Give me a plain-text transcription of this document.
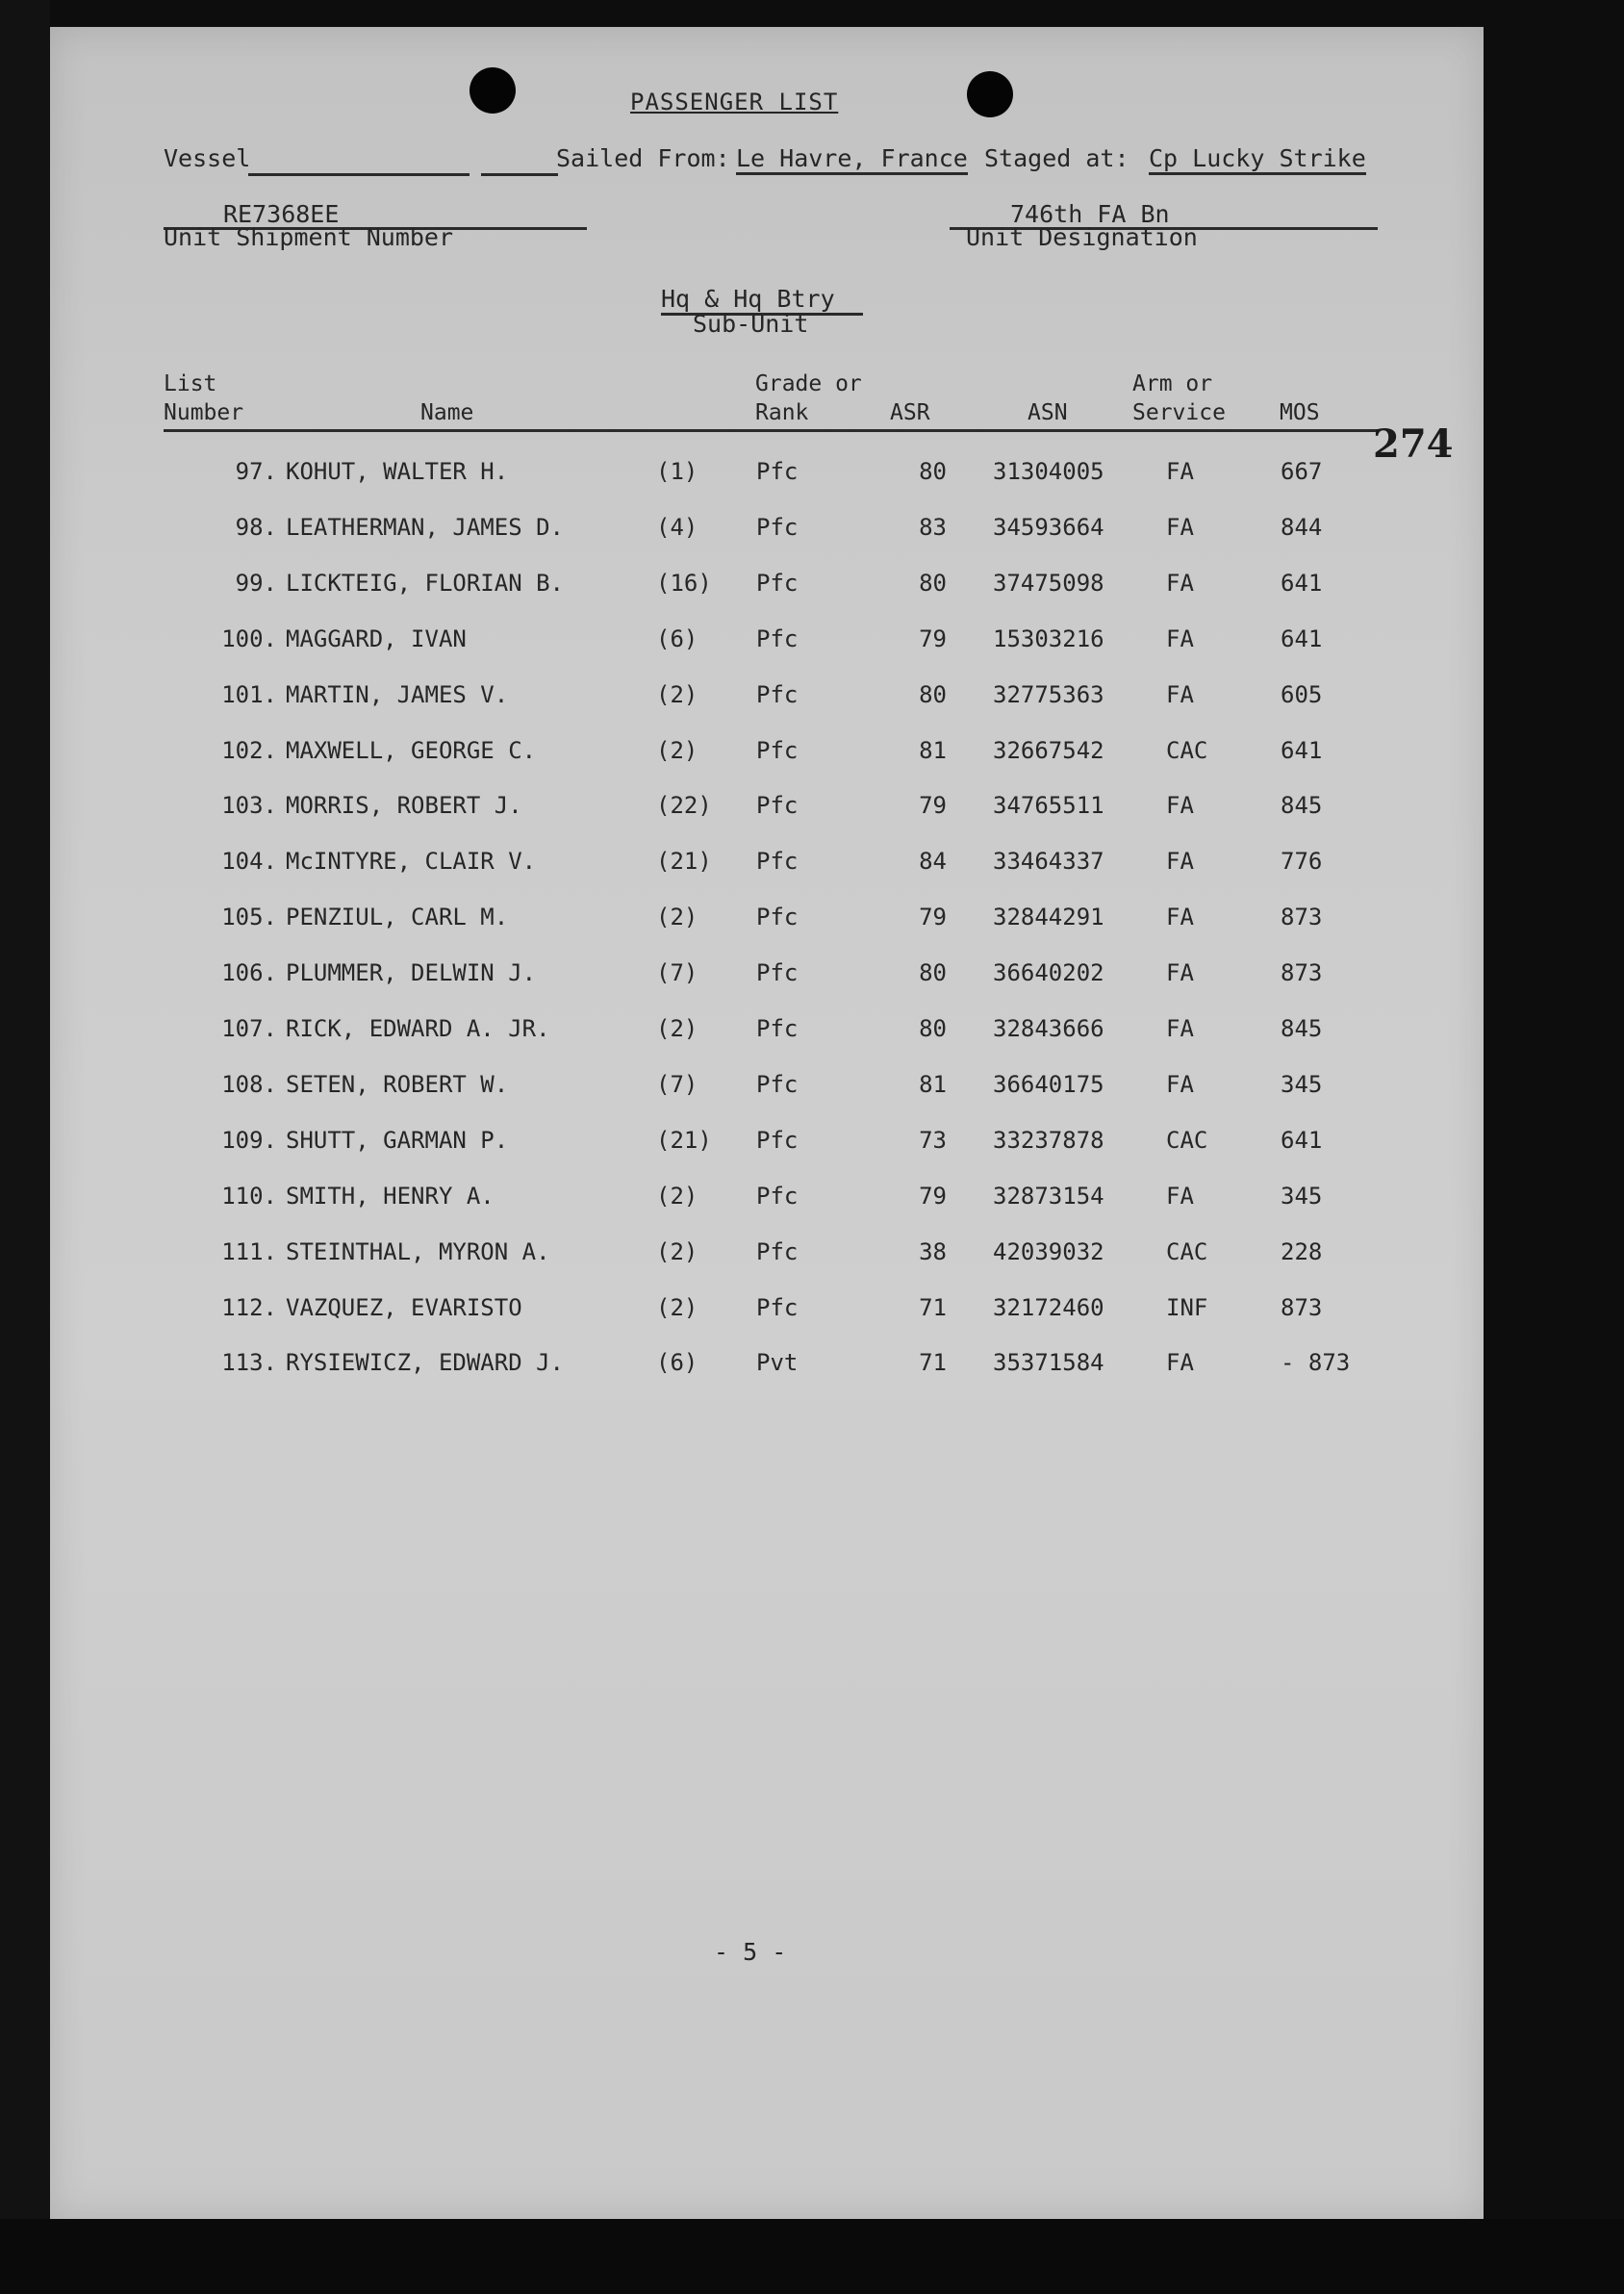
PASSENGER LIST
Vessel	Sailed From: Le Havre, France Staged at: Cp Lucky Strike
RE7368EE
Unit Shipment Number
746th FA Bn
Unit Designation
Hq & Hq Btry
Sub-Unit
List
Number	Name
Grade or
Rank	ASR	ASN
Arm or
Service MOS
274
97. KOHUT, WALTER H.	(1)	Pfc	80 31304005	FA	667
98. LEATHERMAN, JAMES D.	(4)	Pfc	83 34593664	FA	844
99. LICKTEIG, FLORIAN B.	(16) Pfc	80 37475098	FA	641
100. MAGGARD, IVAN	(6)	Pfc	79 15303216	FA	641
101. MARTIN, JAMES V.	(2)	Pfc	80 32775363	FA	605
102. MAXWELL, GEORGE C.	(2)	Pfc	81 32667542	CAC	641
103. MORRIS, ROBERT J.	(22) Pfc	79 34765511	FA	845
104. McINTYRE, CLAIR V.	(21) Pfc	84 33464337	FA	776
105. PENZIUL, CARL M.	(2)	Pfc	79 32844291	FA	873
106. PLUMMER, DELWIN J.	(7)	Pfc	80 36640202	FA	873
107. RICK, EDWARD A. JR.	(2)	Pfc	80 32843666	FA	845
108. SETEN, ROBERT W.	(7)	Pfc	81 36640175	FA	345
109. SHUTT, GARMAN P.	(21) Pfc	73 33237878	CAC	641
110. SMITH, HENRY A.	(2)	Pfc	79 32873154	FA	345
111. STEINTHAL, MYRON A.	(2)	Pfc	38 42039032	CAC	228
112. VAZQUEZ, EVARISTO	(2)	Pfc	71 32172460	INF	873
113. RYSIEWICZ, EDWARD J.	(6)	Pvt	71 35371584	FA	- 873
- 5 -
